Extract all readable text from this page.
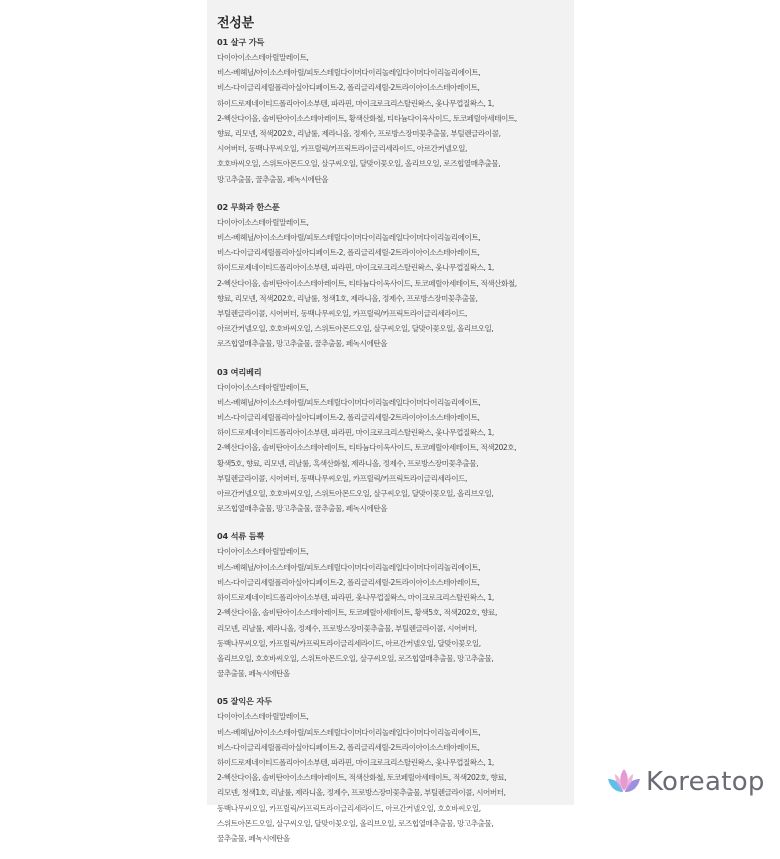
전성분
01 살구 가득
다이아이소스테아릴말레이트,
비스-베헤닐/아이소스테아릴/피토스테릴다이머다이리놀레일다이머다이리놀리에이트,
비스-다이글리세릴폴리아실아디페이트-2, 폴리글리세릴-2트라이아이소스테아레이트,
하이드로제네이티드폴리아이소부텐, 파라핀, 마이크로크리스탈린왁스, 옻나무껍질왁스, 1,
2-헥산다이올, 솔비탄아이소스테아레이트, 황색산화철, 티타늄다이옥사이드, 토코페릴아세테이트,
향료, 리모넨, 적색202호, 리날룰, 제라니올, 정제수, 프로방스장미꽃추출물, 부틸렌글라이콜,
시어버터, 동백나무씨오일, 카프릴릭/카프릭트라이글리세라이드, 아르간커넬오일,
호호바씨오일, 스위트아몬드오일, 살구씨오일, 달맞이꽃오일, 올리브오일, 로즈힙열매추출물,
망고추출물, 꿀추출물, 페녹시에탄올
02 무화과 한스푼
다이아이소스테아릴말레이트,
비스-베헤닐/아이소스테아릴/피토스테릴다이머다이리놀레일다이머다이리놀리에이트,
비스-다이글리세릴폴리아실아디페이트-2, 폴리글리세릴-2트라이아이소스테아레이트,
하이드로제네이티드폴리아이소부텐, 파라핀, 마이크로크리스탈린왁스, 옻나무껍질왁스, 1,
2-헥산다이올, 솔비탄아이소스테아레이트, 티타늄다이옥사이드, 토코페릴아세테이트, 적색산화철,
향료, 리모넨, 적색202호, 리날룰, 청색1호, 제라니올, 정제수, 프로방스장미꽃추출물,
부틸렌글라이콜, 시어버터, 동백나무씨오일, 카프릴릭/카프릭트라이글리세라이드,
아르간커넬오일, 호호바씨오일, 스위트아몬드오일, 살구씨오일, 달맞이꽃오일, 올리브오일,
로즈힙열매추출물, 망고추출물, 꿀추출물, 페녹시에탄올
03 여리베리
다이아이소스테아릴말레이트,
비스-베헤닐/아이소스테아릴/피토스테릴다이머다이리놀레일다이머다이리놀리에이트,
비스-다이글리세릴폴리아실아디페이트-2, 폴리글리세릴-2트라이아이소스테아레이트,
하이드로제네이티드폴리아이소부텐, 파라핀, 마이크로크리스탈린왁스, 옻나무껍질왁스, 1,
2-헥산다이올, 솔비탄아이소스테아레이트, 티타늄다이옥사이드, 토코페릴아세테이트, 적색202호,
황색5호, 향료, 리모넨, 리날룰, 흑색산화철, 제라니올, 정제수, 프로방스장미꽃추출물,
부틸렌글라이콜, 시어버터, 동백나무씨오일, 카프릴릭/카프릭트라이글리세라이드,
아르간커넬오일, 호호바씨오일, 스위트아몬드오일, 살구씨오일, 달맞이꽃오일, 올리브오일,
로즈힙열매추출물, 망고추출물, 꿀추출물, 페녹시에탄올
04 석류 듬뿍
다이아이소스테아릴말레이트,
비스-베헤닐/아이소스테아릴/피토스테릴다이머다이리놀레일다이머다이리놀리에이트,
비스-다이글리세릴폴리아실아디페이트-2, 폴리글리세릴-2트라이아이소스테아레이트,
하이드로제네이티드폴리아이소부텐, 파라핀, 옻나무껍질왁스, 마이크로크리스탈린왁스, 1,
2-헥산다이올, 솔비탄아이소스테아레이트, 토코페릴아세테이트, 황색5호, 적색202호, 향료,
리모넨, 리날룰, 제라니올, 정제수, 프로방스장미꽃추출물, 부틸렌글라이콜, 시어버터,
동백나무씨오일, 카프릴릭/카프릭트라이글리세라이드, 아르간커넬오일, 달맞이꽃오일,
올리브오일, 호호바씨오일, 스위트아몬드오일, 살구씨오일, 로즈힙열매추출물, 망고추출물,
꿀추출물, 페녹시에탄올
05 잘익은 자두
다이아이소스테아릴말레이트,
비스-베헤닐/아이소스테아릴/피토스테릴다이머다이리놀레일다이머다이리놀리에이트,
비스-다이글리세릴폴리아실아디페이트-2, 폴리글리세릴-2트라이아이소스테아레이트,
하이드로제네이티드폴리아이소부텐, 파라핀, 마이크로크리스탈린왁스, 옻나무껍질왁스, 1,
2-헥산다이올, 솔비탄아이소스테아레이트, 적색산화철, 토코페릴아세테이트, 적색202호, 향료,
리모넨, 청색1호, 리날룰, 제라니올, 정제수, 프로방스장미꽃추출물, 부틸렌글라이콜, 시어버터,
동백나무씨오일, 카프릴릭/카프릭트라이글리세라이드, 아르간커넬오일, 호호바씨오일,
스위트아몬드오일, 살구씨오일, 달맞이꽃오일, 올리브오일, 로즈힙열매추출물, 망고추출물,
꿀추출물, 페녹시에탄올
Koreatop
